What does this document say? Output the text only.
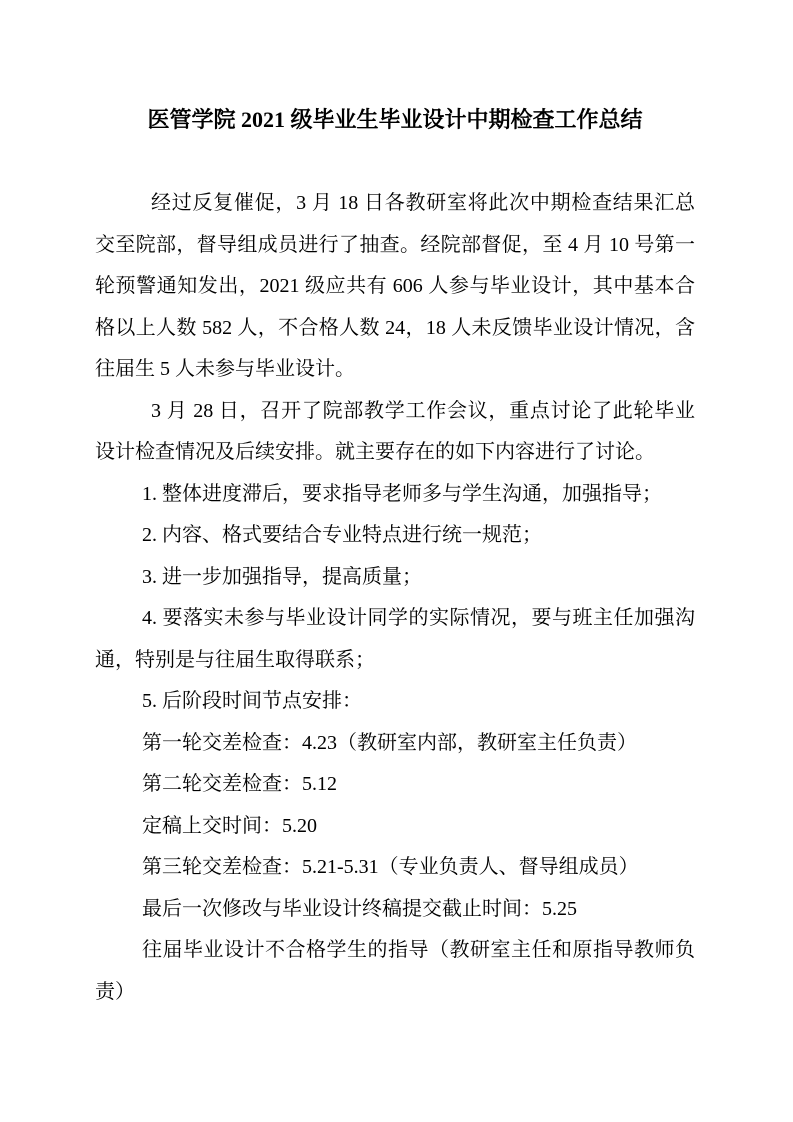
医管学院 2021 级毕业生毕业设计中期检查工作总结

经过反复催促，3 月 18 日各教研室将此次中期检查结果汇总交至院部，督导组成员进行了抽查。经院部督促，至 4 月 10 号第一轮预警通知发出，2021 级应共有 606 人参与毕业设计，其中基本合格以上人数 582 人，不合格人数 24，18 人未反馈毕业设计情况，含往届生 5 人未参与毕业设计。

3 月 28 日，召开了院部教学工作会议，重点讨论了此轮毕业设计检查情况及后续安排。就主要存在的如下内容进行了讨论。

1. 整体进度滞后，要求指导老师多与学生沟通，加强指导；

2. 内容、格式要结合专业特点进行统一规范；

3. 进一步加强指导，提高质量；

4. 要落实未参与毕业设计同学的实际情况，要与班主任加强沟通，特别是与往届生取得联系；

5. 后阶段时间节点安排：

第一轮交差检查：4.23（教研室内部，教研室主任负责）

第二轮交差检查：5.12

定稿上交时间：5.20

第三轮交差检查：5.21-5.31（专业负责人、督导组成员）

最后一次修改与毕业设计终稿提交截止时间：5.25

往届毕业设计不合格学生的指导（教研室主任和原指导教师负责）
